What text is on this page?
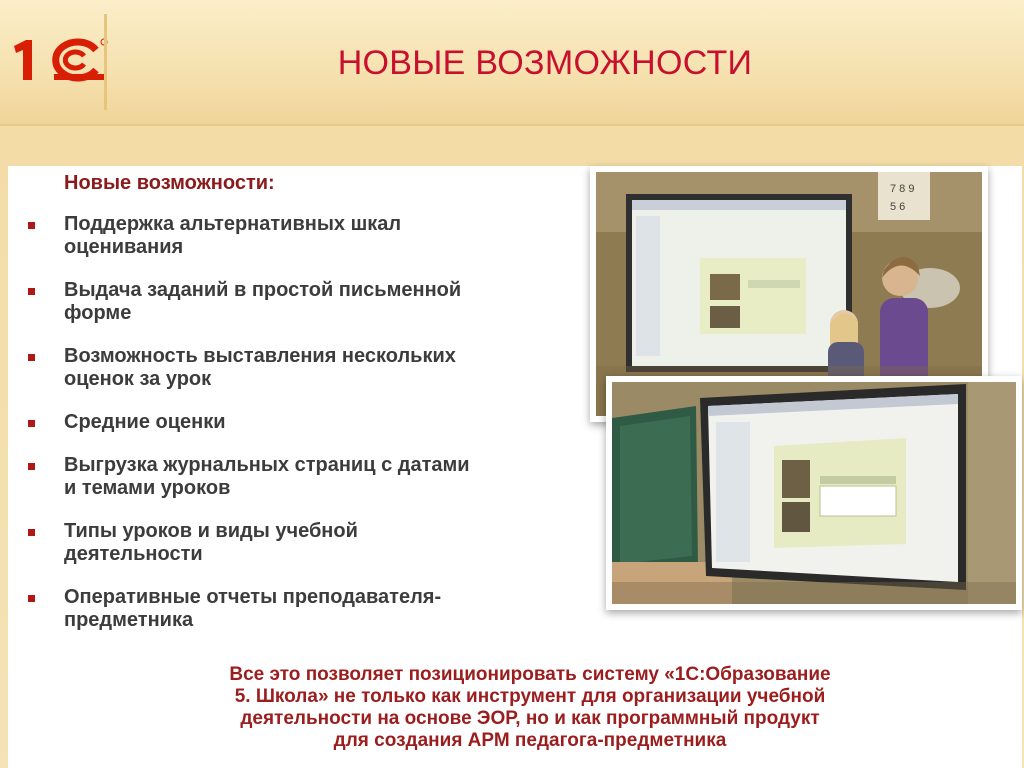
НОВЫЕ ВОЗМОЖНОСТИ
Новые возможности:
Поддержка альтернативных шкал
оценивания
Выдача заданий в простой письменной
форме
Возможность выставления нескольких
оценок за урок
Средние оценки
Выгрузка журнальных страниц с датами
и темами уроков
Типы уроков и виды учебной
деятельности
Оперативные отчеты преподавателя-
предметника
7 8 9
5 6
Все это позволяет позиционировать систему «1С:Образование
5. Школа» не только как инструмент для организации учебной
деятельности на основе ЭОР, но и как программный продукт
для создания АРМ педагога-предметника
